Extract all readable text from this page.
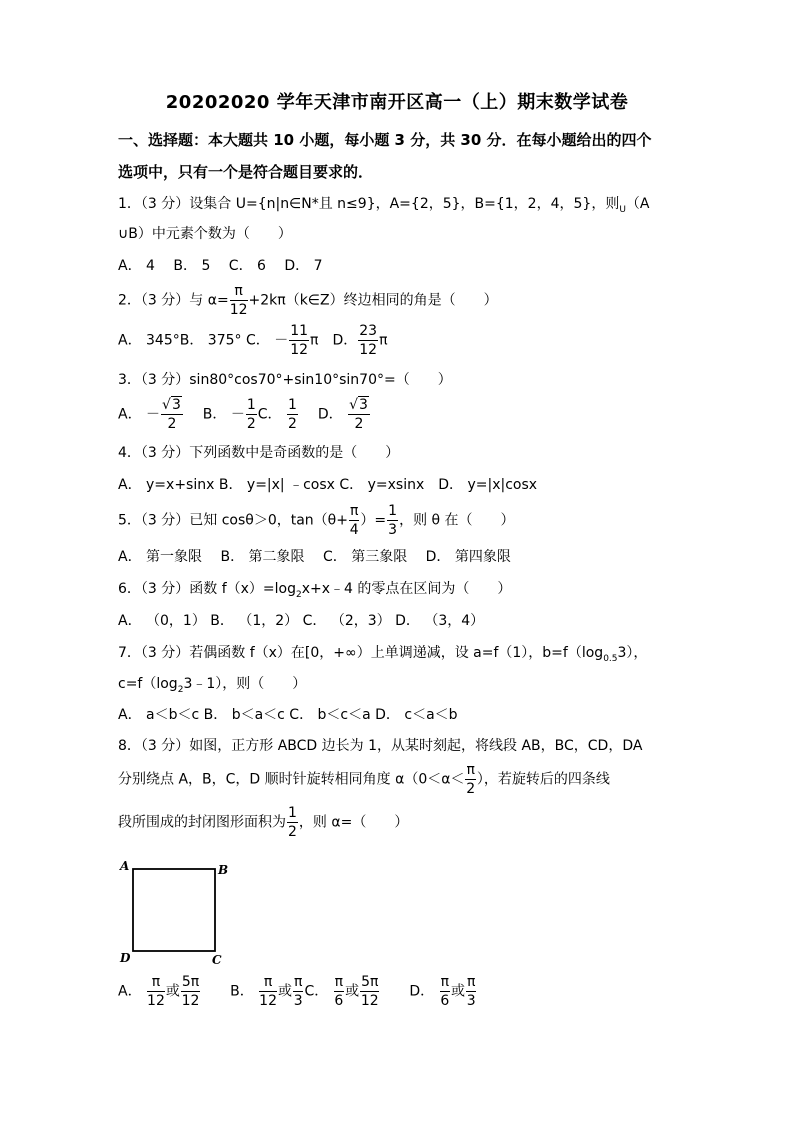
20202020 学年天津市南开区高一（上）期末数学试卷
一、选择题：本大题共 10 小题，每小题 3 分，共 30 分．在每小题给出的四个
选项中，只有一个是符合题目要求的．
1．（3 分）设集合 U={n|n∈N*且 n≤9}，A={2，5}，B={1，2，4，5}，则$_U$（A
∪B）中元素个数为（　　）
A． 4　 B． 5　 C． 6　 D． 7
2．（3 分）与 $\alpha= \frac{\pi}{12}$ +2kπ（k∈Z）终边相同的角是（　　）
A． 345°B． 375° C． － $\frac{11}{12}$ π　D． $\frac{23}{12}$ π
3．（3 分）sin80°cos70°+sin10°sin70°=（　　）
A． － $\frac{√3}{2}$ B． － $\frac{1}{2}$ C． $\frac{1}{2}$ D． $\frac{√3}{2}$
4．（3 分）下列函数中是奇函数的是（　　）
A． y=x+sinx B． y=|x| ﹣cosx C． y=xsinx　D． y=|x|cosx
5．（3 分）已知 cosθ＞0，$\tan(\theta+ \frac{\pi}{4}$ ）= $\frac{1}{3}$ ，则 θ 在（　　）
A． 第一象限　 B． 第二象限　 C． 第三象限　 D． 第四象限
6．（3 分）函数 $f(x)=\log_2x+x﹣4$ 的零点在区间为（　　）
A． （0，1） B． （1，2） C． （2，3） D． （3，4）
7．（3 分）若偶函数 f（x）在[0，+∞）上单调递减，设 a=f（1），$b=f(\log_{0.5}3)$，
$c=f(\log_23﹣1)$，则（　　）
A． a＜b＜c B． b＜a＜c C． b＜c＜a D． c＜a＜b
8．（3 分）如图，正方形 ABCD 边长为 1，从某时刻起，将线段 AB，BC，CD，DA
分别绕点 A，B，C，D 顺时针旋转相同角度 $\alpha(0<\alpha< \frac{\pi}{2}$ ），若旋转后的四条线
段所围成的封闭图形面积为 $\frac{1}{2}$ ，则 α=（　　）
A	B
C
D
A． $\frac{\pi}{12}$ 或 $\frac{5\pi}{12}$ B． $\frac{\pi}{12}$ 或 $\frac{\pi}{3}$ C． $\frac{\pi}{6}$ 或 $\frac{5\pi}{12}$ D． $\frac{\pi}{6}$ 或 $\frac{\pi}{3}$
